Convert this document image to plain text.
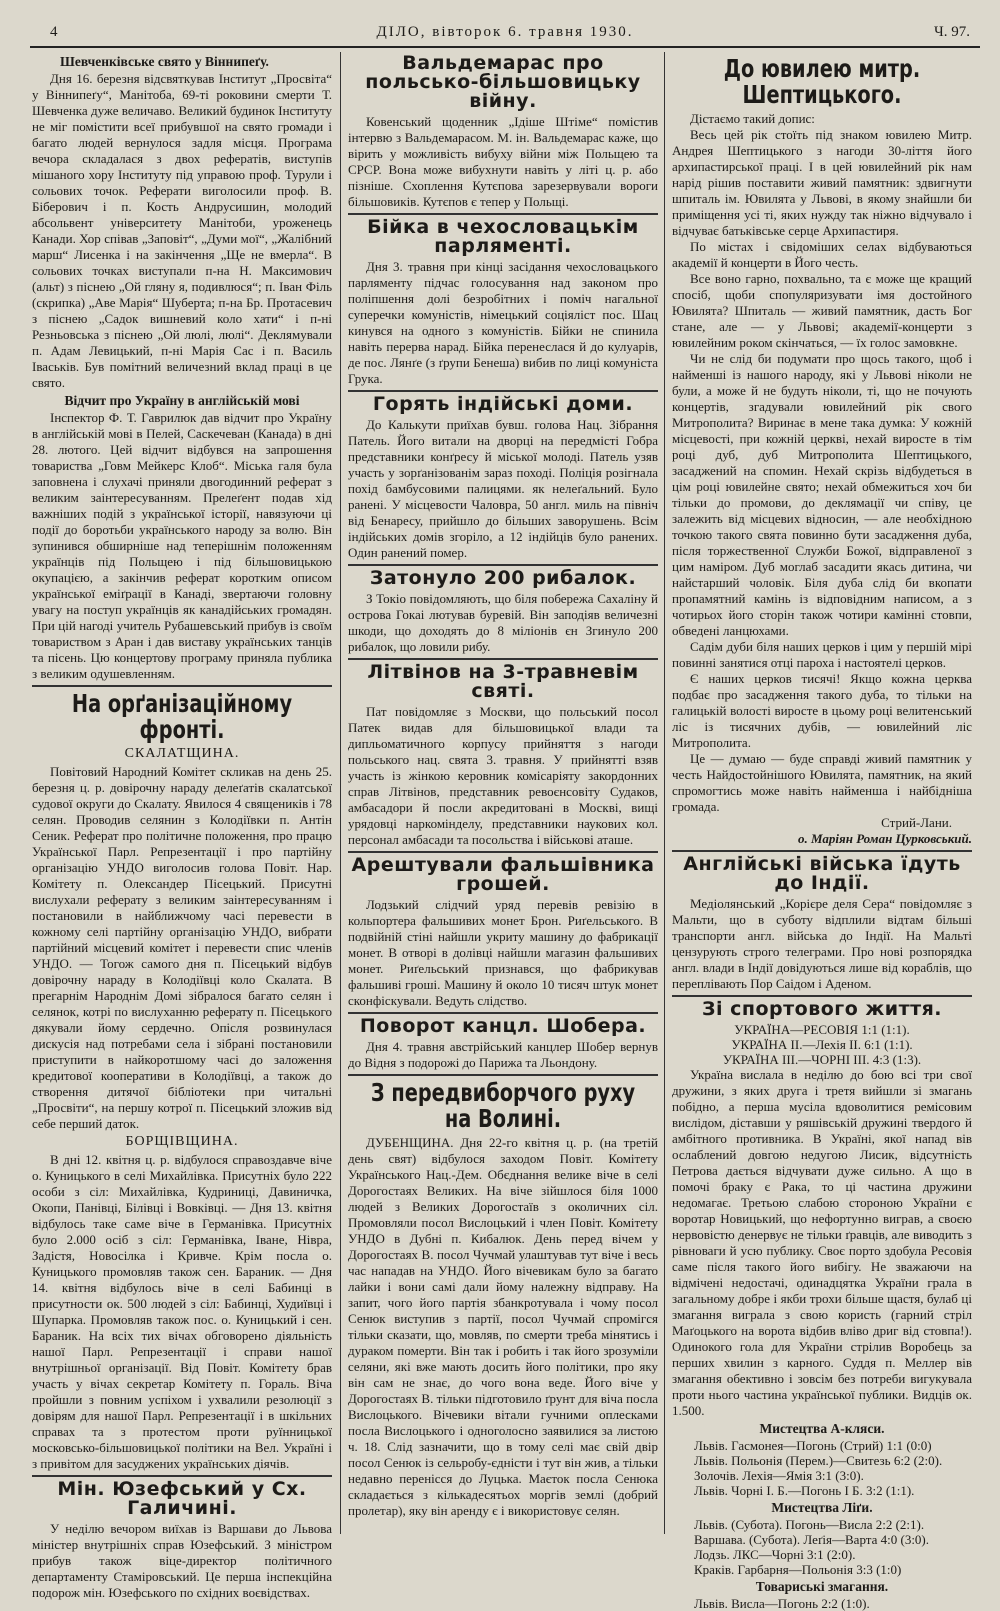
4	ДІЛО, вівторок 6. травня 1930.	Ч. 97.
Шевченківське свято у Віннипеґу.

Дня 16. березня відсвяткував Інститут „Просвіта“ у Віннипеґу“, Манітоба, 69-ті роковини смерти Т. Шевченка дуже величаво. Великий будинок Інституту не міг помістити всеї прибувшої на свято громади і багато людей вернулося задля місця. Програма вечора складалася з двох рефератів, виступів мішаного хору Інституту під управою проф. Турули і сольових точок. Реферати виголосили проф. В. Біберович і п. Кость Андрусишин, молодий абсольвент університету Манітоби, уроженець Канади. Хор співав „Заповіт“, „Думи мої“, „Жалібний марш“ Лисенка і на закінчення „Ще не вмерла“. В сольових точках виступали п-на Н. Максимович (альт) з піснею „Ой гляну я, подивлюся“; п. Іван Філь (скрипка) „Аве Марія“ Шуберта; п-на Бр. Протасевич з піснею „Садок вишневий коло хати“ і п-ні Резньовська з піснею „Ой люлі, люлі“. Деклямували п. Адам Левицький, п-ні Марія Сас і п. Василь Іваськів. Був помітний величезний вклад праці в це свято.

Відчит про Україну в англійській мові

Інспектор Ф. Т. Гаврилюк дав відчит про Україну в англійській мові в Пелей, Саскечеван (Канада) в дні 28. лютого. Цей відчит відбувся на запрошення товариства „Говм Мейкерс Клоб“. Міська галя була заповнена і слухачі приняли двогодинний реферат з великим заінтересуванням. Прелеґент подав хід важніших подій з української історії, навязуючи ці події до боротьби українського народу за волю. Він зупинився обширніше над теперішнім положенням українців під Польщею і під більшовицькою окупацією, а закінчив реферат коротким описом української еміґрації в Канаді, звертаючи головну увагу на поступ українців як канадійських громадян. При цій нагоді учитель Рубашевський прибув із своїм товариством з Аран і дав виставу українських танців та пісень. Цю концертову програму приняла публика з великим одушевленням.

На орґанізаційному фронті.
СКАЛАТЩИНА.

Повітовий Народний Комітет скликав на день 25. березня ц. р. довірочну нараду делеґатів скалатської судової округи до Скалату. Явилося 4 священиків і 78 селян. Проводив селянин з Колодіївки п. Антін Сеник. Реферат про політичне положення, про працю Української Парл. Репрезентації і про партійну організацію УНДО виголосив голова Повіт. Нар. Комітету п. Олександер Пісецький. Присутні вислухали реферату з великим заінтересуванням і постановили в найближчому часі перевести в кожному селі партійну організацію УНДО, вибрати партійний місцевий комітет і перевести спис членів УНДО. — Тогож самого дня п. Пісецький відбув довірочну нараду в Колодіївці коло Скалата. В прегарнім Народнім Домі зібралося багато селян і селянок, котрі по вислуханню реферату п. Пісецького дякували йому сердечно. Опісля розвинулася дискусія над потребами села і зібрані постановили приступити в найкоротшому часі до заложення кредитової кооперативи в Колодіївці, а також до створення дитячої бібліотеки при читальні „Просвіти“, на першу котрої п. Пісецький зложив від себе перший даток.

БОРЩІВЩИНА.

В дні 12. квітня ц. р. відбулося справоздавче віче о. Куницького в селі Михайлівка. Присутніх було 222 особи з сіл: Михайлівка, Кудриниці, Давиничка, Окопи, Панівці, Білівці і Вовківці. — Дня 13. квітня відбулось таке саме віче в Германівка. Присутніх було 2.000 осіб з сіл: Германівка, Іване, Нівра, Задістя, Новосілка і Кривче. Крім посла о. Куницького промовляв також сен. Бараник. — Дня 14. квітня відбулось віче в селі Бабинці в присутности ок. 500 людей з сіл: Бабинці, Худиївці і Шупарка. Промовляв також пос. о. Куницький і сен. Бараник. На всіх тих вічах обговорено діяльність нашої Парл. Репрезентації і справи нашої внутрішньої організації. Від Повіт. Комітету брав участь у вічах секретар Комітету п. Гораль. Віча пройшли з повним успіхом і ухвалили резолюції з довірям для нашої Парл. Репрезентації і в шкільних справах та з протестом проти руїнницької московсько-більшовицької політики на Вел. Україні і з привітом для засуджених українських діячів.

Мін. Юзефський у Сх. Галичині.

У неділю вечором виїхав із Варшави до Львова міністер внутрішніх справ Юзефський. З міністром прибув також віце-директор політичного департаменту Стаміровський. Це перша інспекційна подорож мін. Юзефського по східних воєвідствах.

Вальдемарас про польсько-більшовицьку війну.

Ковенський щоденник „Ідіше Штіме“ помістив інтервю з Вальдемарасом. М. ін. Вальдемарас каже, що вірить у можливість вибуху війни між Польщею та СРСР. Вона може вибухнути навіть у літі ц. р. або пізніше. Схоплення Кутєпова зарезервували вороги більшовиків. Кутєпов є тепер у Польщі.

Бійка в чехословацькім парляменті.

Дня 3. травня при кінці засідання чехословацького парляменту підчас голосування над законом про поліпшення долі безробітних і поміч нагальної суперечки комуністів, німецький соціяліст пос. Шац кинувся на одного з комуністів. Бійки не спинила навіть перерва нарад. Бійка перенеслася й до кулуарів, де пос. Лянґе (з ґрупи Бенеша) вибив по лиці комуніста Грука.

Горять індійські доми.

До Калькути приїхав бувш. голова Нац. Зібрання Патель. Його витали на дворці на передмісті Гобра представники конґресу й міської молоді. Патель узяв участь у зорґанізованім зараз поході. Поліція розігнала похід бамбусовими палицями. як нелеґальний. Було ранені. У місцевости Чаловра, 50 англ. миль на північ від Бенаресу, прийшло до більших заворушень. Всім індійських домів згоріло, а 12 індійців було ранених. Один ранений помер.

Затонуло 200 рибалок.

З Токіо повідомляють, що біля побережа Сахаліну й острова Гокаі лютував буревій. Він заподіяв величезні шкоди, що доходять до 8 міліонів єн Згинуло 200 рибалок, що ловили рибу.

Літвінов на 3-травневім святі.

Пат повідомляє з Москви, що польський посол Патек видав для більшовицької влади та дипльоматичного корпусу прийняття з нагоди польського нац. свята 3. травня. У прийнятті взяв участь із жінкою керовник комісаріяту закордонних справ Літвінов, представник ревоєнсовіту Судаков, амбасадори й посли акредитовані в Москві, вищі урядовці наркомінделу, представники наукових кол. персонал амбасади та посольства і військові аташе.

Арештували фальшівника грошей.

Лодзький слідчий уряд перевів ревізію в кольпортера фальшивих монет Брон. Риґельського. В подвійній стіні найшли укриту машину до фабрикації монет. В отворі в долівці найшли магазин фальшивих монет. Риґельський признався, що фабрикував фальшиві гроші. Машину й около 10 тисяч штук монет сконфіскували. Ведуть слідство.

Поворот канцл. Шобера.

Дня 4. травня австрійський канцлер Шобер вернув до Відня з подорожі до Парижа та Льондону.

З передвиборчого руху на Волині.

ДУБЕНЩИНА. Дня 22-го квітня ц. р. (на третій день свят) відбулося заходом Повіт. Комітету Українського Нац.-Дем. Обєднання велике віче в селі Дорогостаях Великих. На віче зійшлося біля 1000 людей з Великих Дорогостаїв з околичних сіл. Промовляли посол Вислоцький і член Повіт. Комітету УНДО в Дубні п. Кибалюк. День перед вічем у Дорогостаях В. посол Чучмай улаштував тут віче і весь час нападав на УНДО. Його вічевикам було за багато лайки і вони самі дали йому належну відправу. На запит, чого його партія збанкротувала і чому посол Сенюк виступив з партії, посол Чучмай спромігся тільки сказати, що, мовляв, по смерти треба мінятись і дураком померти. Він так і робить і так його зрозуміли селяни, які вже мають досить його політики, про яку він сам не знає, до чого вона веде. Його віче у Дорогостаях В. тільки підготовило ґрунт для віча посла Вислоцького. Вічевики вітали гучними оплесками посла Вислоцького і одноголосно заявилися за листою ч. 18. Слід зазначити, що в тому селі має свій двір посол Сенюк із сельробу-єдністи і тут він жив, а тільки недавно перенісся до Луцька. Маєток посла Сенюка складається з кількадесятьох моргів землі (добрий пролетар), яку він аренду є і використовує селян.

До ювилею митр. Шептицького.

Дістаємо такий допис:

Весь цей рік стоїть під знаком ювилею Митр. Андрея Шептицького з нагоди 30-ліття його архипастирської праці. І в цей ювилейний рік нам нарід рішив поставити живий памятник: здвигнути шпиталь ім. Ювилята у Львові, в якому знайшли би приміщення усі ті, яких нужду так ніжно відчувало і відчуває батьківське серце Архипастиря.

По містах і свідоміших селах відбуваються академії й концерти в Його честь.

Все воно гарно, похвально, та є може ще кращий спосіб, щоби спопуляризувати імя достойного Ювилята? Шпиталь — живий памятник, дасть Бог стане, але — у Львові; академії-концерти з ювилейним роком скінчаться, — їх голос замовкне.

Чи не слід би подумати про щось такого, щоб і найменші із нашого народу, які у Львові ніколи не були, а може й не будуть ніколи, ті, що не почують концертів, згадували ювилейний рік свого Митрополита? Виринає в мене така думка: У кожній місцевості, при кожній церкві, нехай виросте в тім році дуб, дуб Митрополита Шептицького, засаджений на спомин. Нехай скрізь відбудеться в цім році ювилейне свято; нехай обмежиться хоч би тільки до промови, до деклямації чи співу, це залежить від місцевих відносин, — але необхідною точкою такого свята повинно бути засадження дуба, після торжественної Служби Божої, відправленої з цим наміром. Дуб моглаб засадити якась дитина, чи найстарший чоловік. Біля дуба слід би вкопати пропамятний камінь із відповідним написом, а з чотирьох його сторін також чотири камінні стовпи, обведені ланцюхами.

Садім дуби біля наших церков і цим у першій мірі повинні занятися отці пароха і настоятелі церков.

Є наших церков тисячі! Якщо кожна церква подбає про засадження такого дуба, то тільки на галицькій волості виросте в цьому році велитенський ліс із тисячних дубів, — ювилейний ліс Митрополита.

Це — думаю — буде справді живий памятник у честь Найдостойнішого Ювилята, памятник, на який спромогтись може навіть найменша і найбідніша громада.

Стрий-Лани.
о. Маріян Роман Цурковський.
Англійські війська їдуть до Індії.

Медіолянський „Корієре деля Сера“ повідомляє з Мальти, що в суботу відплили відтам більші транспорти англ. війська до Індії. На Мальті цензурують строго телеграми. Про нові розпорядка англ. влади в Індії довідуються лише від кораблів, що переплівають Пор Саідом і Аденом.

Зі спортового життя.
УКРАЇНА—РЕСОВІЯ 1:1 (1:1).
УКРАЇНА II.—Лехія II. 6:1 (1:1).
УКРАЇНА III.—ЧОРНІ III. 4:3 (1:3).

Україна вислала в неділю до бою всі три свої дружини, з яких друга і третя вийшли зі змагань побідно, а перша мусіла вдоволитися ремісовим вислідом, діставши у ряшівській дружині твердого й амбітного противника. В Україні, якої напад вів ослаблений довгою недугою Лисик, відсутність Петрова дається відчувати дуже сильно. А що в помочі браку є Рака, то ці частина дружини недомагає. Третьою слабою стороною України є воротар Новицький, що нефортунно виграв, а своєю нервовістю денервує не тільки ґравців, але виводить з рівноваги й усю публику. Своє порто здобула Ресовія саме після такого його вибігу. Не зважаючи на відмічені недостачі, одинадцятка України грала в загальному добре і якби трохи більше щастя, булаб ці змагання виграла з свою користь (гарний стріл Маґоцького на ворота відбив вліво дриг від стовпа!). Одинокого гола для України стрілив Воробець за перших хвилин з карного. Суддя п. Меллер вів змагання обективно і зовсім без потреби вигукувала проти нього частина української публики. Видців ок. 1.500.

Мистецтва А-кляси.
Львів. Гасмонея—Погонь (Стрий) 1:1 (0:0)
Львів. Польонія (Перем.)—Свитезь 6:2 (2:0).
Золочів. Лехія—Ямія 3:1 (3:0).
Львів. Чорні І. Б.—Погонь І Б. 3:2 (1:1).
Мистецтва Ліґи.
Львів. (Субота). Погонь—Висла 2:2 (2:1).
Варшава. (Субота). Леґія—Варта 4:0 (3:0).
Лодзь. ЛКС—Чорні 3:1 (2:0).
Краків. Гарбарня—Польонія 3:3 (1:0)
Товариські змагання.
Львів. Висла—Погонь 2:2 (1:0).
